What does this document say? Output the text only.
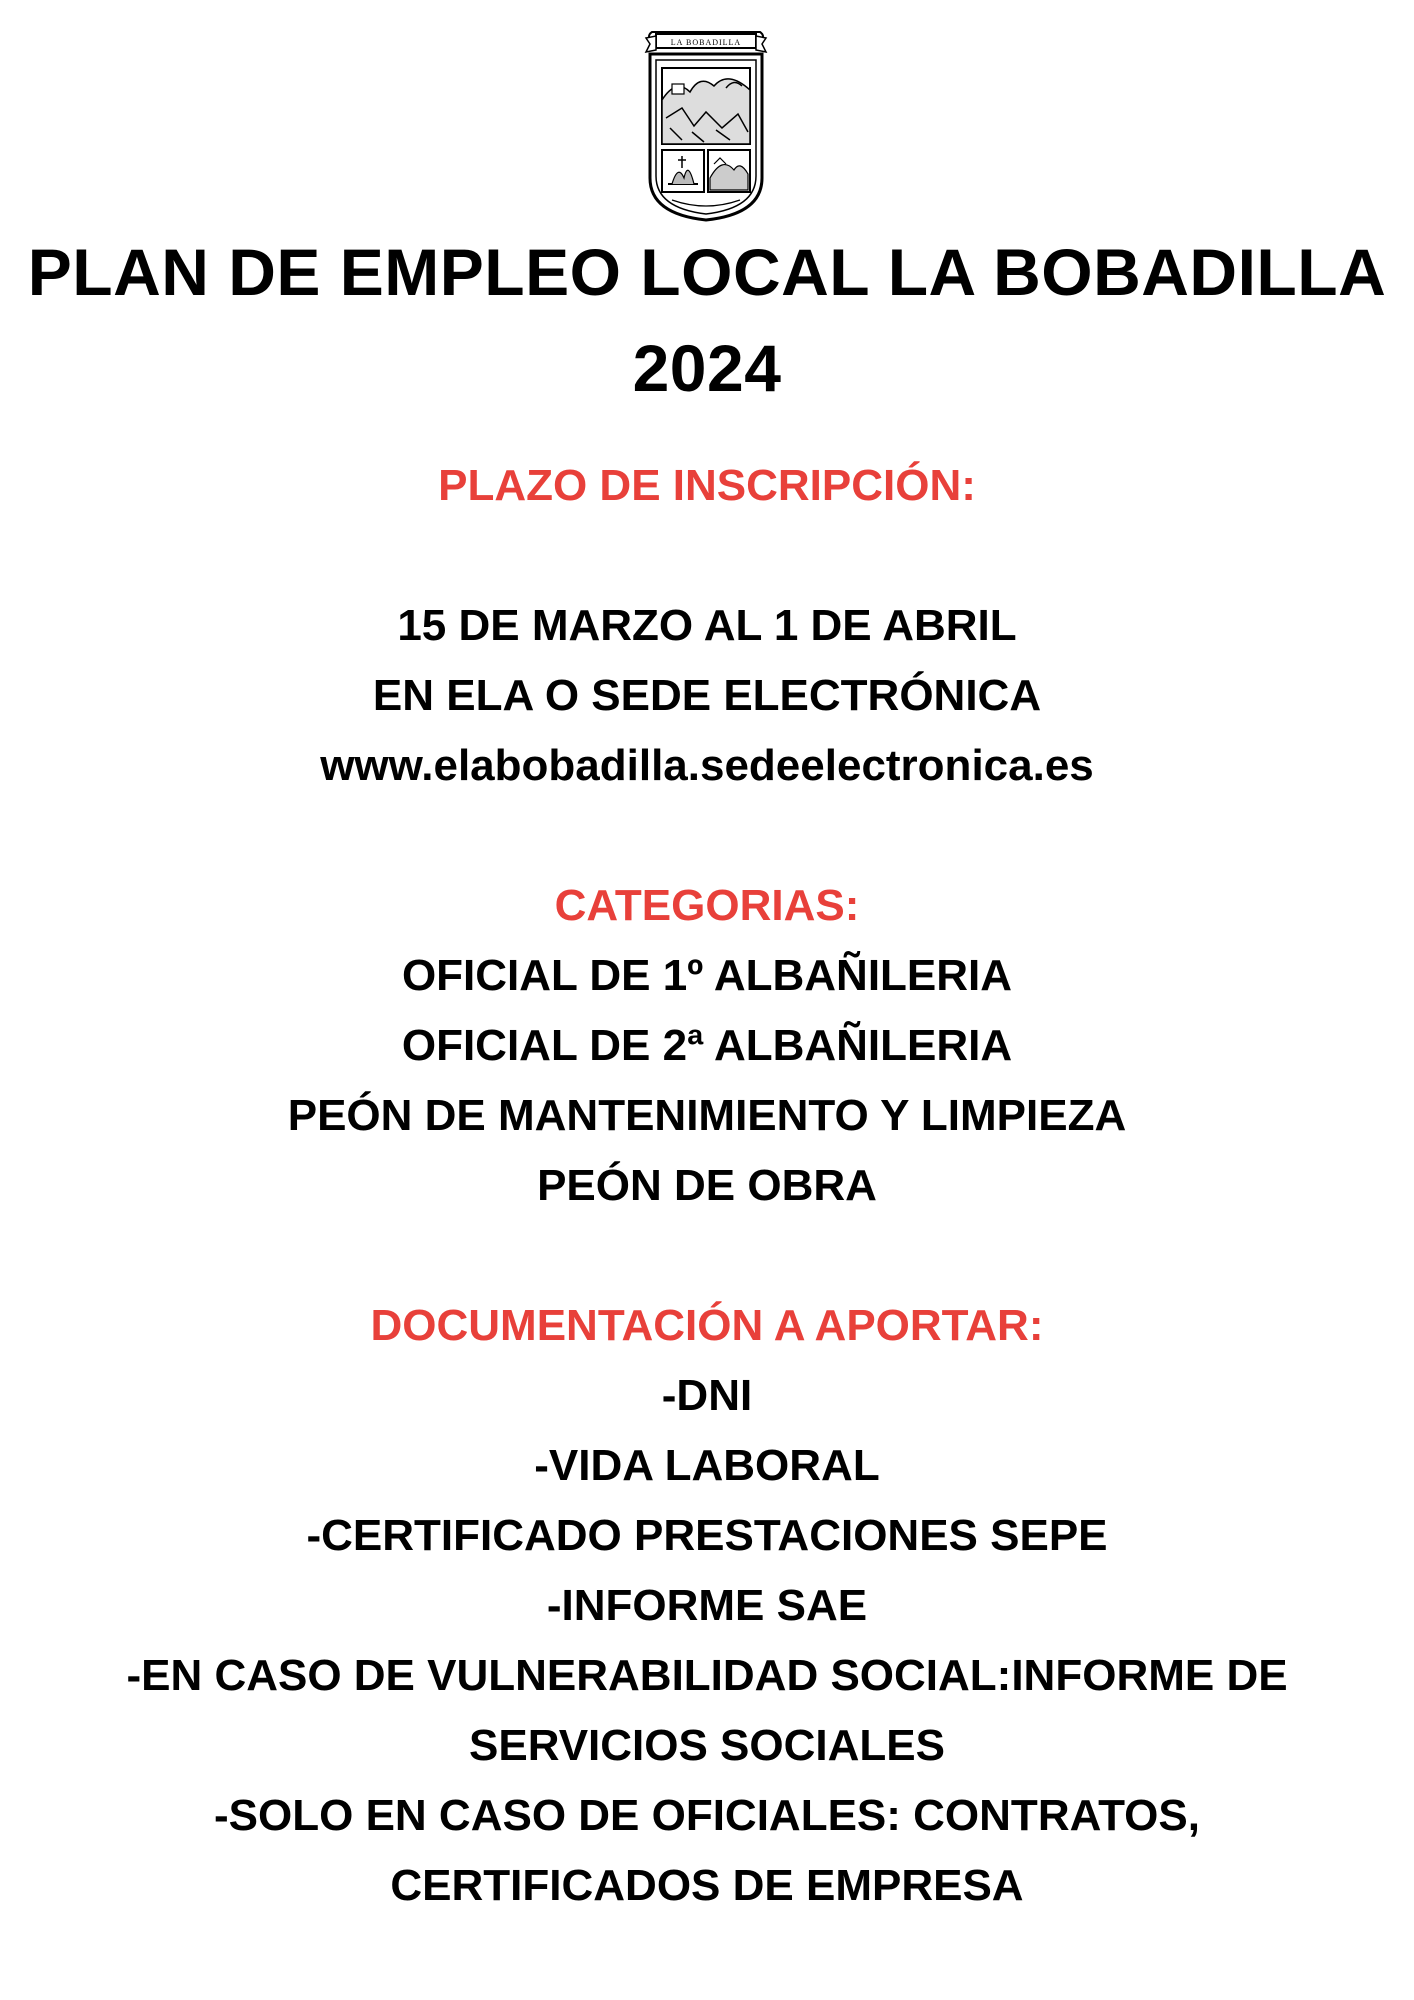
LA BOBADILLA
PLAN DE EMPLEO LOCAL LA BOBADILLA
2024
PLAZO DE INSCRIPCIÓN:
15 DE MARZO AL 1 DE ABRIL
EN ELA O SEDE ELECTRÓNICA
www.elabobadilla.sedeelectronica.es
CATEGORIAS:
OFICIAL DE 1º ALBAÑILERIA
OFICIAL DE 2ª ALBAÑILERIA
PEÓN DE MANTENIMIENTO Y LIMPIEZA
PEÓN DE OBRA
DOCUMENTACIÓN A APORTAR:
-DNI
-VIDA LABORAL
-CERTIFICADO PRESTACIONES SEPE
-INFORME SAE
-EN CASO DE VULNERABILIDAD SOCIAL:INFORME DE
SERVICIOS SOCIALES
-SOLO EN CASO DE OFICIALES: CONTRATOS,
CERTIFICADOS DE EMPRESA
